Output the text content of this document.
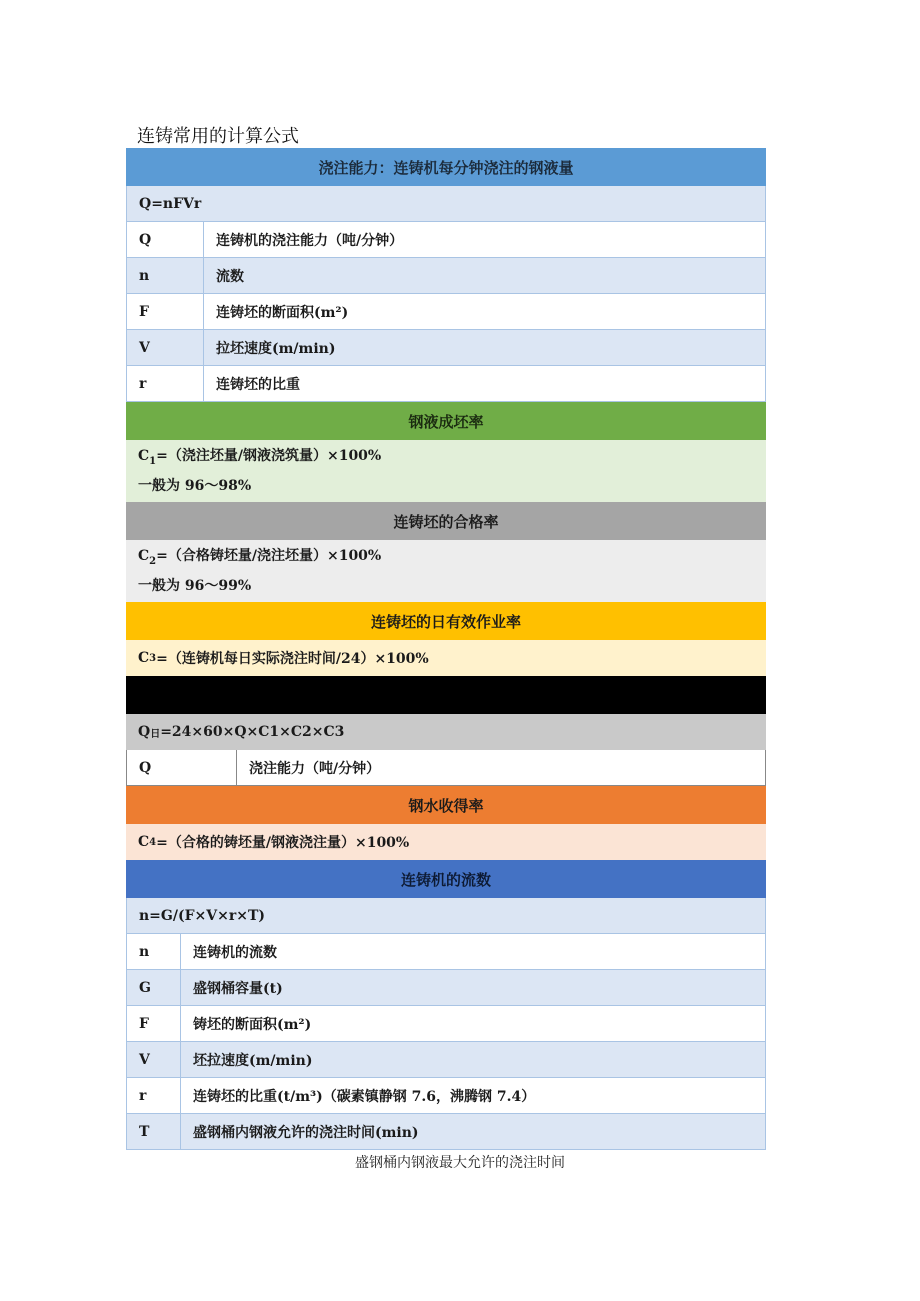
连铸常用的计算公式
浇注能力：连铸机每分钟浇注的钢液量
Q=nFVr
Q	连铸机的浇注能力（吨/分钟）
n	流数
F	连铸坯的断面积(m²)
V	拉坯速度(m/min)
r	连铸坯的比重
钢液成坯率
$C_1=$（浇注坯量/钢液浇筑量）×100%
一般为 96～98%
连铸坯的合格率
$C_2=$（合格铸坯量/浇注坯量）×100%
一般为 96～99%
连铸坯的日有效作业率
C 3 =（连铸机每日实际浇注时间/24）×100%
Q 日 =24×60×Q×C1×C2×C3
Q	浇注能力（吨/分钟）
钢水收得率
C 4 =（合格的铸坯量/钢液浇注量）×100%
连铸机的流数
n=G/(F×V×r×T)
n	连铸机的流数
G	盛钢桶容量(t)
F	铸坯的断面积(m²)
V	坯拉速度(m/min)
r	连铸坯的比重(t/m³)（碳素镇静钢 7.6，沸腾钢 7.4）
T	盛钢桶内钢液允许的浇注时间(min)
盛钢桶内钢液最大允许的浇注时间
